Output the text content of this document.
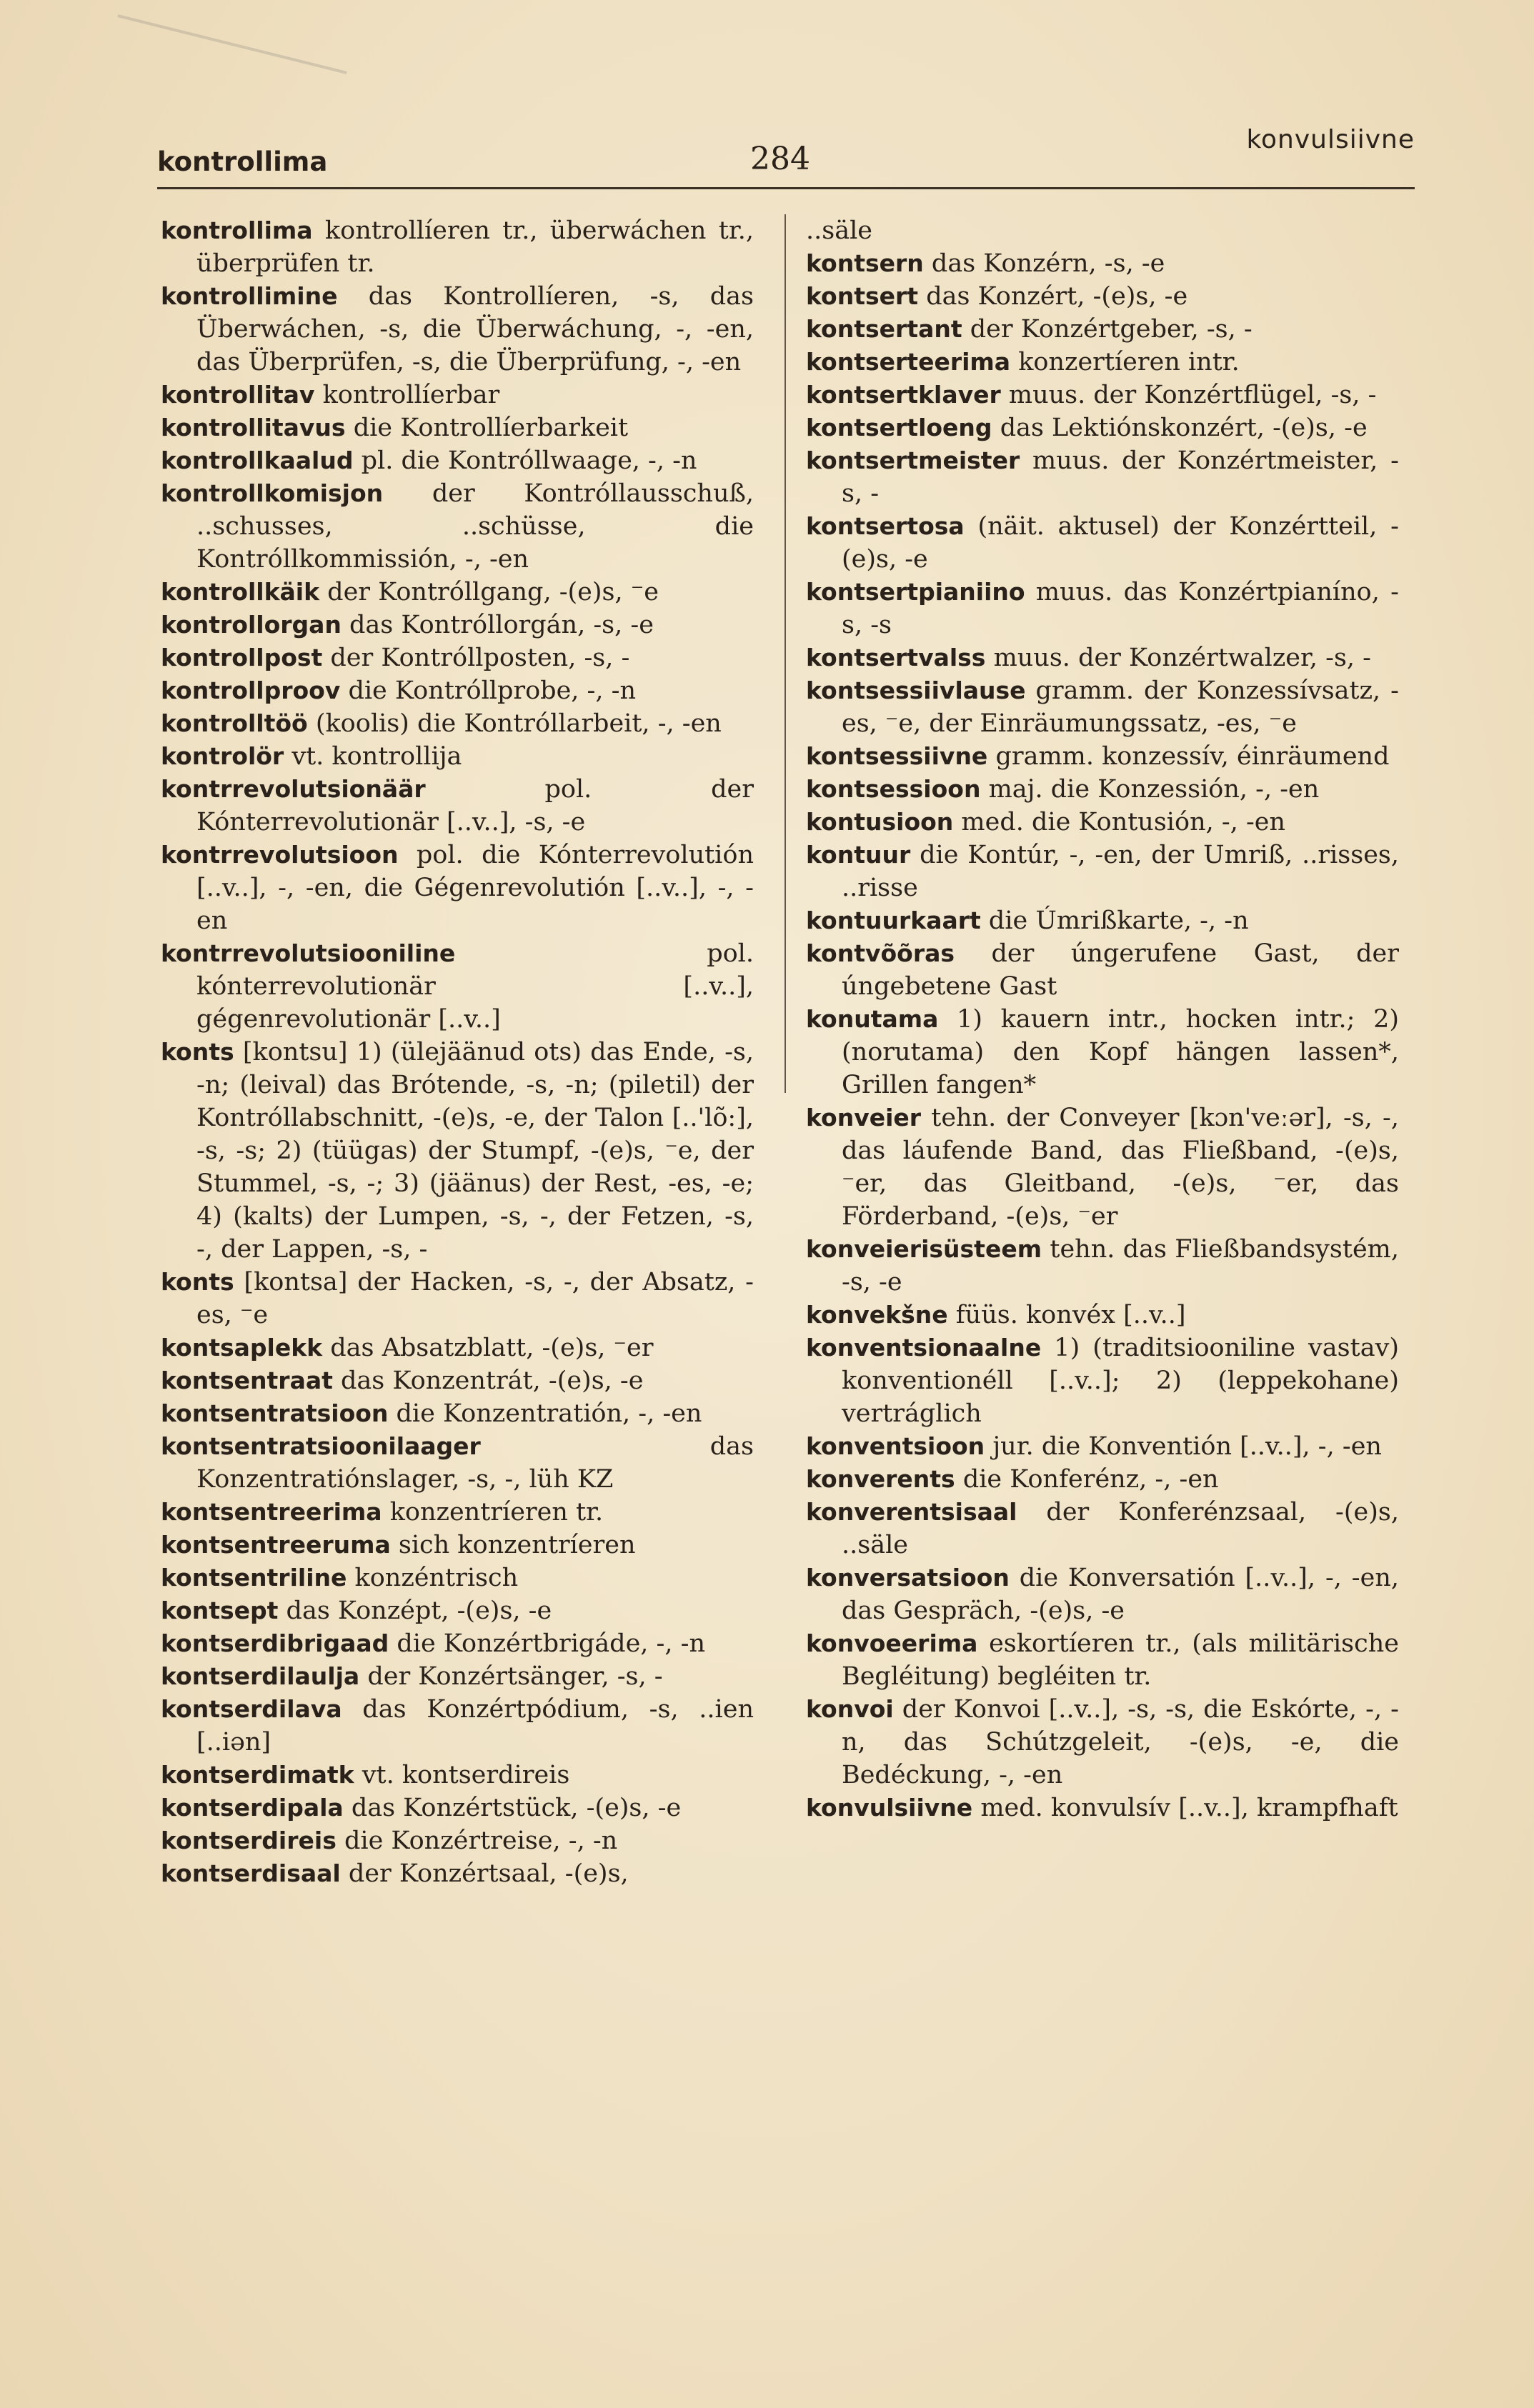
kontrollima	284
konvulsiivne

kontrollima kontrollíeren tr., überwáchen tr., überprüfen tr.

kontrollimine das Kontrollíeren, -s, das Überwáchen, -s, die Überwáchung, -, -en, das Überprüfen, -s, die Überprüfung, -, -en

kontrollitav kontrollíerbar

kontrollitavus die Kontrollíerbarkeit

kontrollkaalud pl. die Kontróllwaage, -, -n

kontrollkomisjon der Kontróllausschuß, ..schusses, ..schüsse, die Kontróllkommissión, -, -en

kontrollkäik der Kontróllgang, -(e)s, ⁻e

kontrollorgan das Kontróllorgán, -s, -e

kontrollpost der Kontróllposten, -s, -

kontrollproov die Kontróllprobe, -, -n

kontrolltöö (koolis) die Kontróllarbeit, -, -en

kontrolör vt. kontrollija

kontrrevolutsionäär pol. der Kónterrevolutionär [..v..], -s, -e

kontrrevolutsioon pol. die Kónterrevolutión [..v..], -, -en, die Gégenrevolutión [..v..], -, -en

kontrrevolutsiooniline pol. kónterrevolutionär [..v..], gégenrevolutionär [..v..]

konts [kontsu] 1) (ülejäänud ots) das Ende, -s, -n; (leival) das Brótende, -s, -n; (piletil) der Kontróllabschnitt, -(e)s, -e, der Talon [..'lõ:], -s, -s; 2) (tüügas) der Stumpf, -(e)s, ⁻e, der Stummel, -s, -; 3) (jäänus) der Rest, -es, -e; 4) (kalts) der Lumpen, -s, -, der Fetzen, -s, -, der Lappen, -s, -

konts [kontsa] der Hacken, -s, -, der Absatz, -es, ⁻e

kontsaplekk das Absatzblatt, -(e)s, ⁻er

kontsentraat das Konzentrát, -(e)s, -e

kontsentratsioon die Konzentratión, -, -en

kontsentratsioonilaager das Konzentratiónslager, -s, -, lüh KZ

kontsentreerima konzentríeren tr.

kontsentreeruma sich konzentríeren

kontsentriline konzéntrisch

kontsept das Konzépt, -(e)s, -e

kontserdibrigaad die Konzértbrigáde, -, -n

kontserdilaulja der Konzértsänger, -s, -

kontserdilava das Konzértpódium, -s, ..ien [..iən]

kontserdimatk vt. kontserdireis

kontserdipala das Konzértstück, -(e)s, -e

kontserdireis die Konzértreise, -, -n

kontserdisaal der Konzértsaal, -(e)s,

..säle

kontsern das Konzérn, -s, -e

kontsert das Konzért, -(e)s, -e

kontsertant der Konzértgeber, -s, -

kontserteerima konzertíeren intr.

kontsertklaver muus. der Konzértflügel, -s, -

kontsertloeng das Lektiónskonzért, -(e)s, -e

kontsertmeister muus. der Konzértmeister, -s, -

kontsertosa (näit. aktusel) der Konzértteil, -(e)s, -e

kontsertpianiino muus. das Konzértpianíno, -s, -s

kontsertvalss muus. der Konzértwalzer, -s, -

kontsessiivlause gramm. der Konzessívsatz, -es, ⁻e, der Einräumungssatz, -es, ⁻e

kontsessiivne gramm. konzessív, éinräumend

kontsessioon maj. die Konzessión, -, -en

kontusioon med. die Kontusión, -, -en

kontuur die Kontúr, -, -en, der Umriß, ..risses, ..risse

kontuurkaart die Úmrißkarte, -, -n

kontvõõras der úngerufene Gast, der úngebetene Gast

konutama 1) kauern intr., hocken intr.; 2) (norutama) den Kopf hängen lassen*, Grillen fangen*

konveier tehn. der Conveyer [kɔn'veːər], -s, -, das láufende Band, das Fließband, -(e)s, ⁻er, das Gleitband, -(e)s, ⁻er, das Förderband, -(e)s, ⁻er

konveierisüsteem tehn. das Fließbandsystém, -s, -e

konvekšne füüs. konvéx [..v..]

konventsionaalne 1) (traditsiooniline vastav) konventionéll [..v..]; 2) (leppekohane) vertráglich

konventsioon jur. die Konventión [..v..], -, -en

konverents die Konferénz, -, -en

konverentsisaal der Konferénzsaal, -(e)s, ..säle

konversatsioon die Konversatión [..v..], -, -en, das Gespräch, -(e)s, -e

konvoeerima eskortíeren tr., (als militärische Begléitung) begléiten tr.

konvoi der Konvoi [..v..], -s, -s, die Eskórte, -, -n, das Schútzgeleit, -(e)s, -e, die Bedéckung, -, -en

konvulsiivne med. konvulsív [..v..], krampfhaft
